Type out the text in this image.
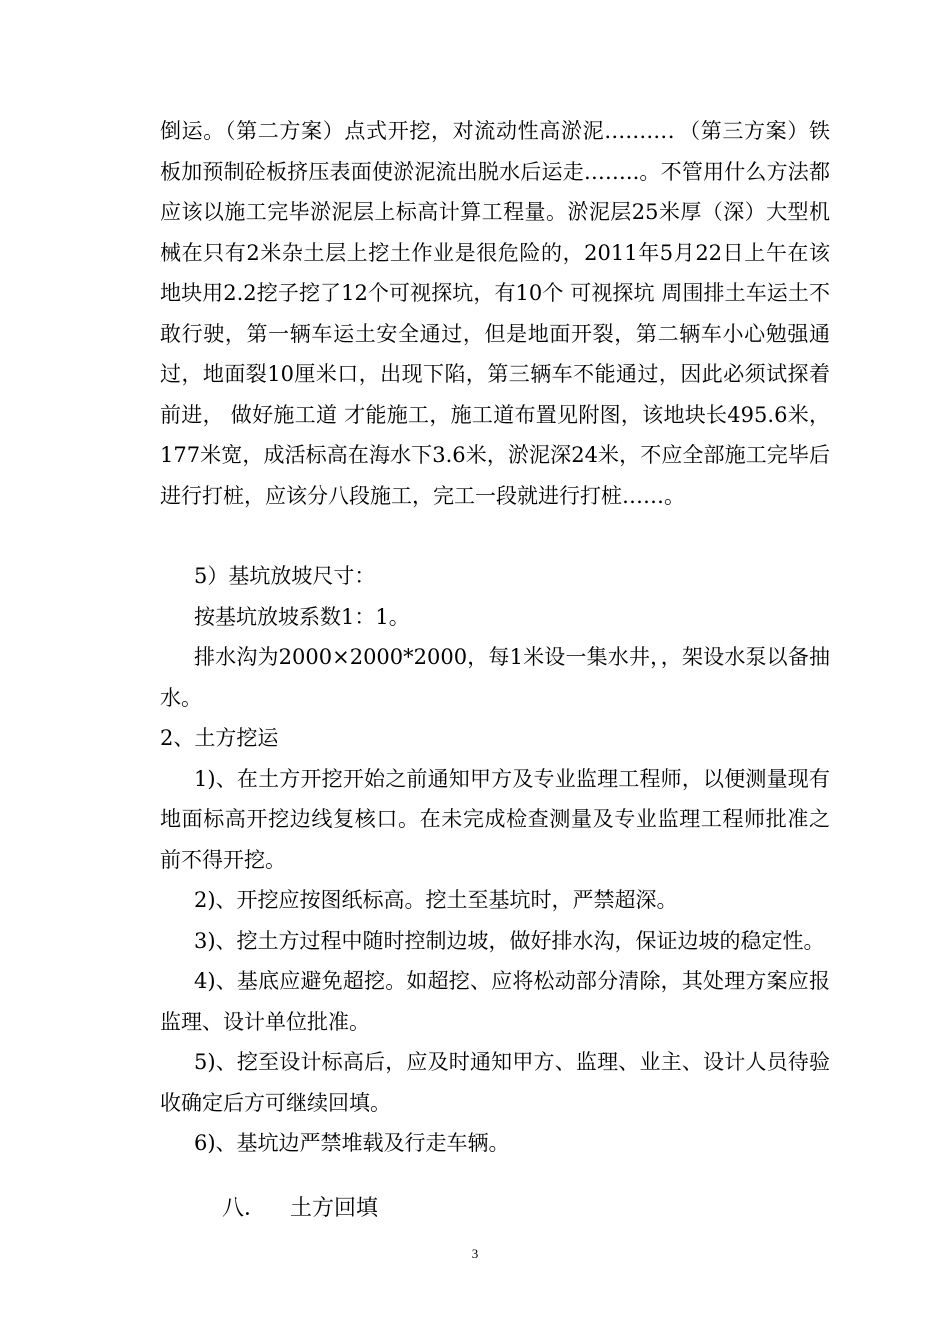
倒运。（第二方案）点式开挖，对流动性高淤泥………．（第三方案）铁板加预制砼板挤压表面使淤泥流出脱水后运走……..。不管用什么方法都应该以施工完毕淤泥层上标高计算工程量。淤泥层25米厚（深）大型机械在只有2米杂土层上挖土作业是很危险的，2011年5月22日上午在该地块用2.2挖子挖了12个可视探坑，有10个 可视探坑 周围排土车运土不敢行驶，第一辆车运土安全通过，但是地面开裂，第二辆车小心勉强通过，地面裂10厘米口，出现下陷，第三辆车不能通过，因此必须试探着前进， 做好施工道 才能施工，施工道布置见附图，该地块长495.6米，177米宽，成活标高在海水下3.6米，淤泥深24米，不应全部施工完毕后进行打桩，应该分八段施工，完工一段就进行打桩……。

5）基坑放坡尺寸：

按基坑放坡系数1：1。

排水沟为2000×2000*2000，每1米设一集水井，，架设水泵以备抽水。

2、土方挖运

1)、在土方开挖开始之前通知甲方及专业监理工程师，以便测量现有地面标高开挖边线复核口。在未完成检查测量及专业监理工程师批准之前不得开挖。

2)、开挖应按图纸标高。挖土至基坑时，严禁超深。

3)、挖土方过程中随时控制边坡，做好排水沟，保证边坡的稳定性。

4)、基底应避免超挖。如超挖、应将松动部分清除，其处理方案应报监理、设计单位批准。

5)、挖至设计标高后，应及时通知甲方、监理、业主、设计人员待验收确定后方可继续回填。

6)、基坑边严禁堆载及行走车辆。

八． 土方回填

3
